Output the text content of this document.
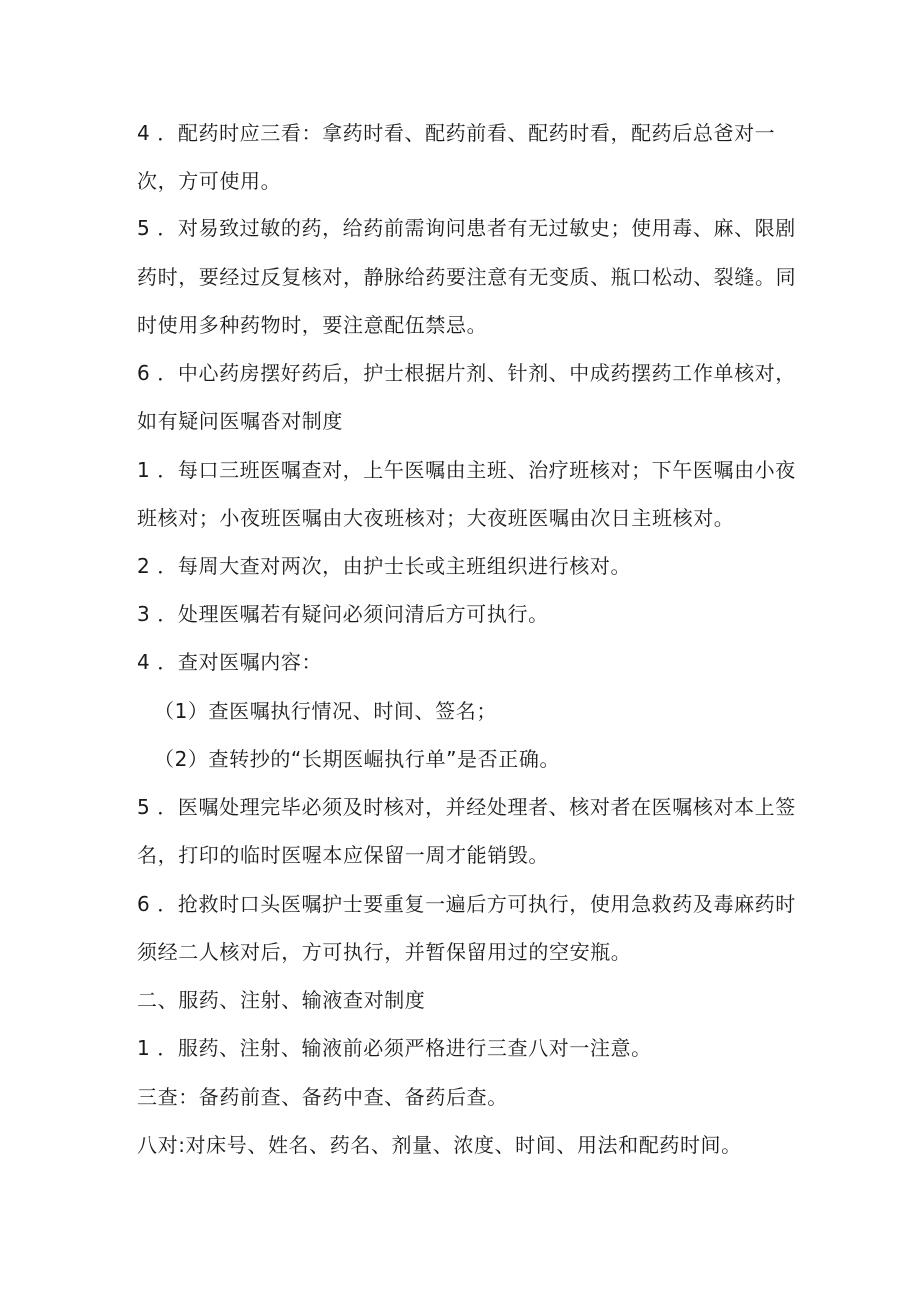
4 ．配药时应三看：拿药时看、配药前看、配药时看，配药后总爸对一
次，方可使用。
5 ．对易致过敏的药，给药前需询问患者有无过敏史；使用毒、麻、限剧
药时，要经过反复核对，静脉给药要注意有无变质、瓶口松动、裂缝。同
时使用多种药物时，要注意配伍禁忌。
6 ．中心药房摆好药后，护士根据片剂、针剂、中成药摆药工作单核对，
如有疑问医嘱沓对制度
1 ．每口三班医嘱查对，上午医嘱由主班、治疗班核对；下午医嘱由小夜
班核对；小夜班医嘱由大夜班核对；大夜班医嘱由次日主班核对。
2 ．每周大查对两次，由护士长或主班组织进行核对。
3 ．处理医嘱若有疑问必须问清后方可执行。
4 ．查对医嘱内容：
（1）查医嘱执行情况、时间、签名；
（2）查转抄的“长期医崛执行单”是否正确。
5 ．医嘱处理完毕必须及时核对，并经处理者、核对者在医嘱核对本上签
名，打印的临时医喔本应保留一周才能销毁。
6 ．抢救时口头医嘱护士要重复一遍后方可执行，使用急救药及毒麻药时
须经二人核对后，方可执行，并暂保留用过的空安瓶。
二、服药、注射、输液查对制度
1 ．服药、注射、输液前必须严格进行三查八对一注意。
三查：备药前查、备药中查、备药后查。
八对:对床号、姓名、药名、剂量、浓度、时间、用法和配药时间。
